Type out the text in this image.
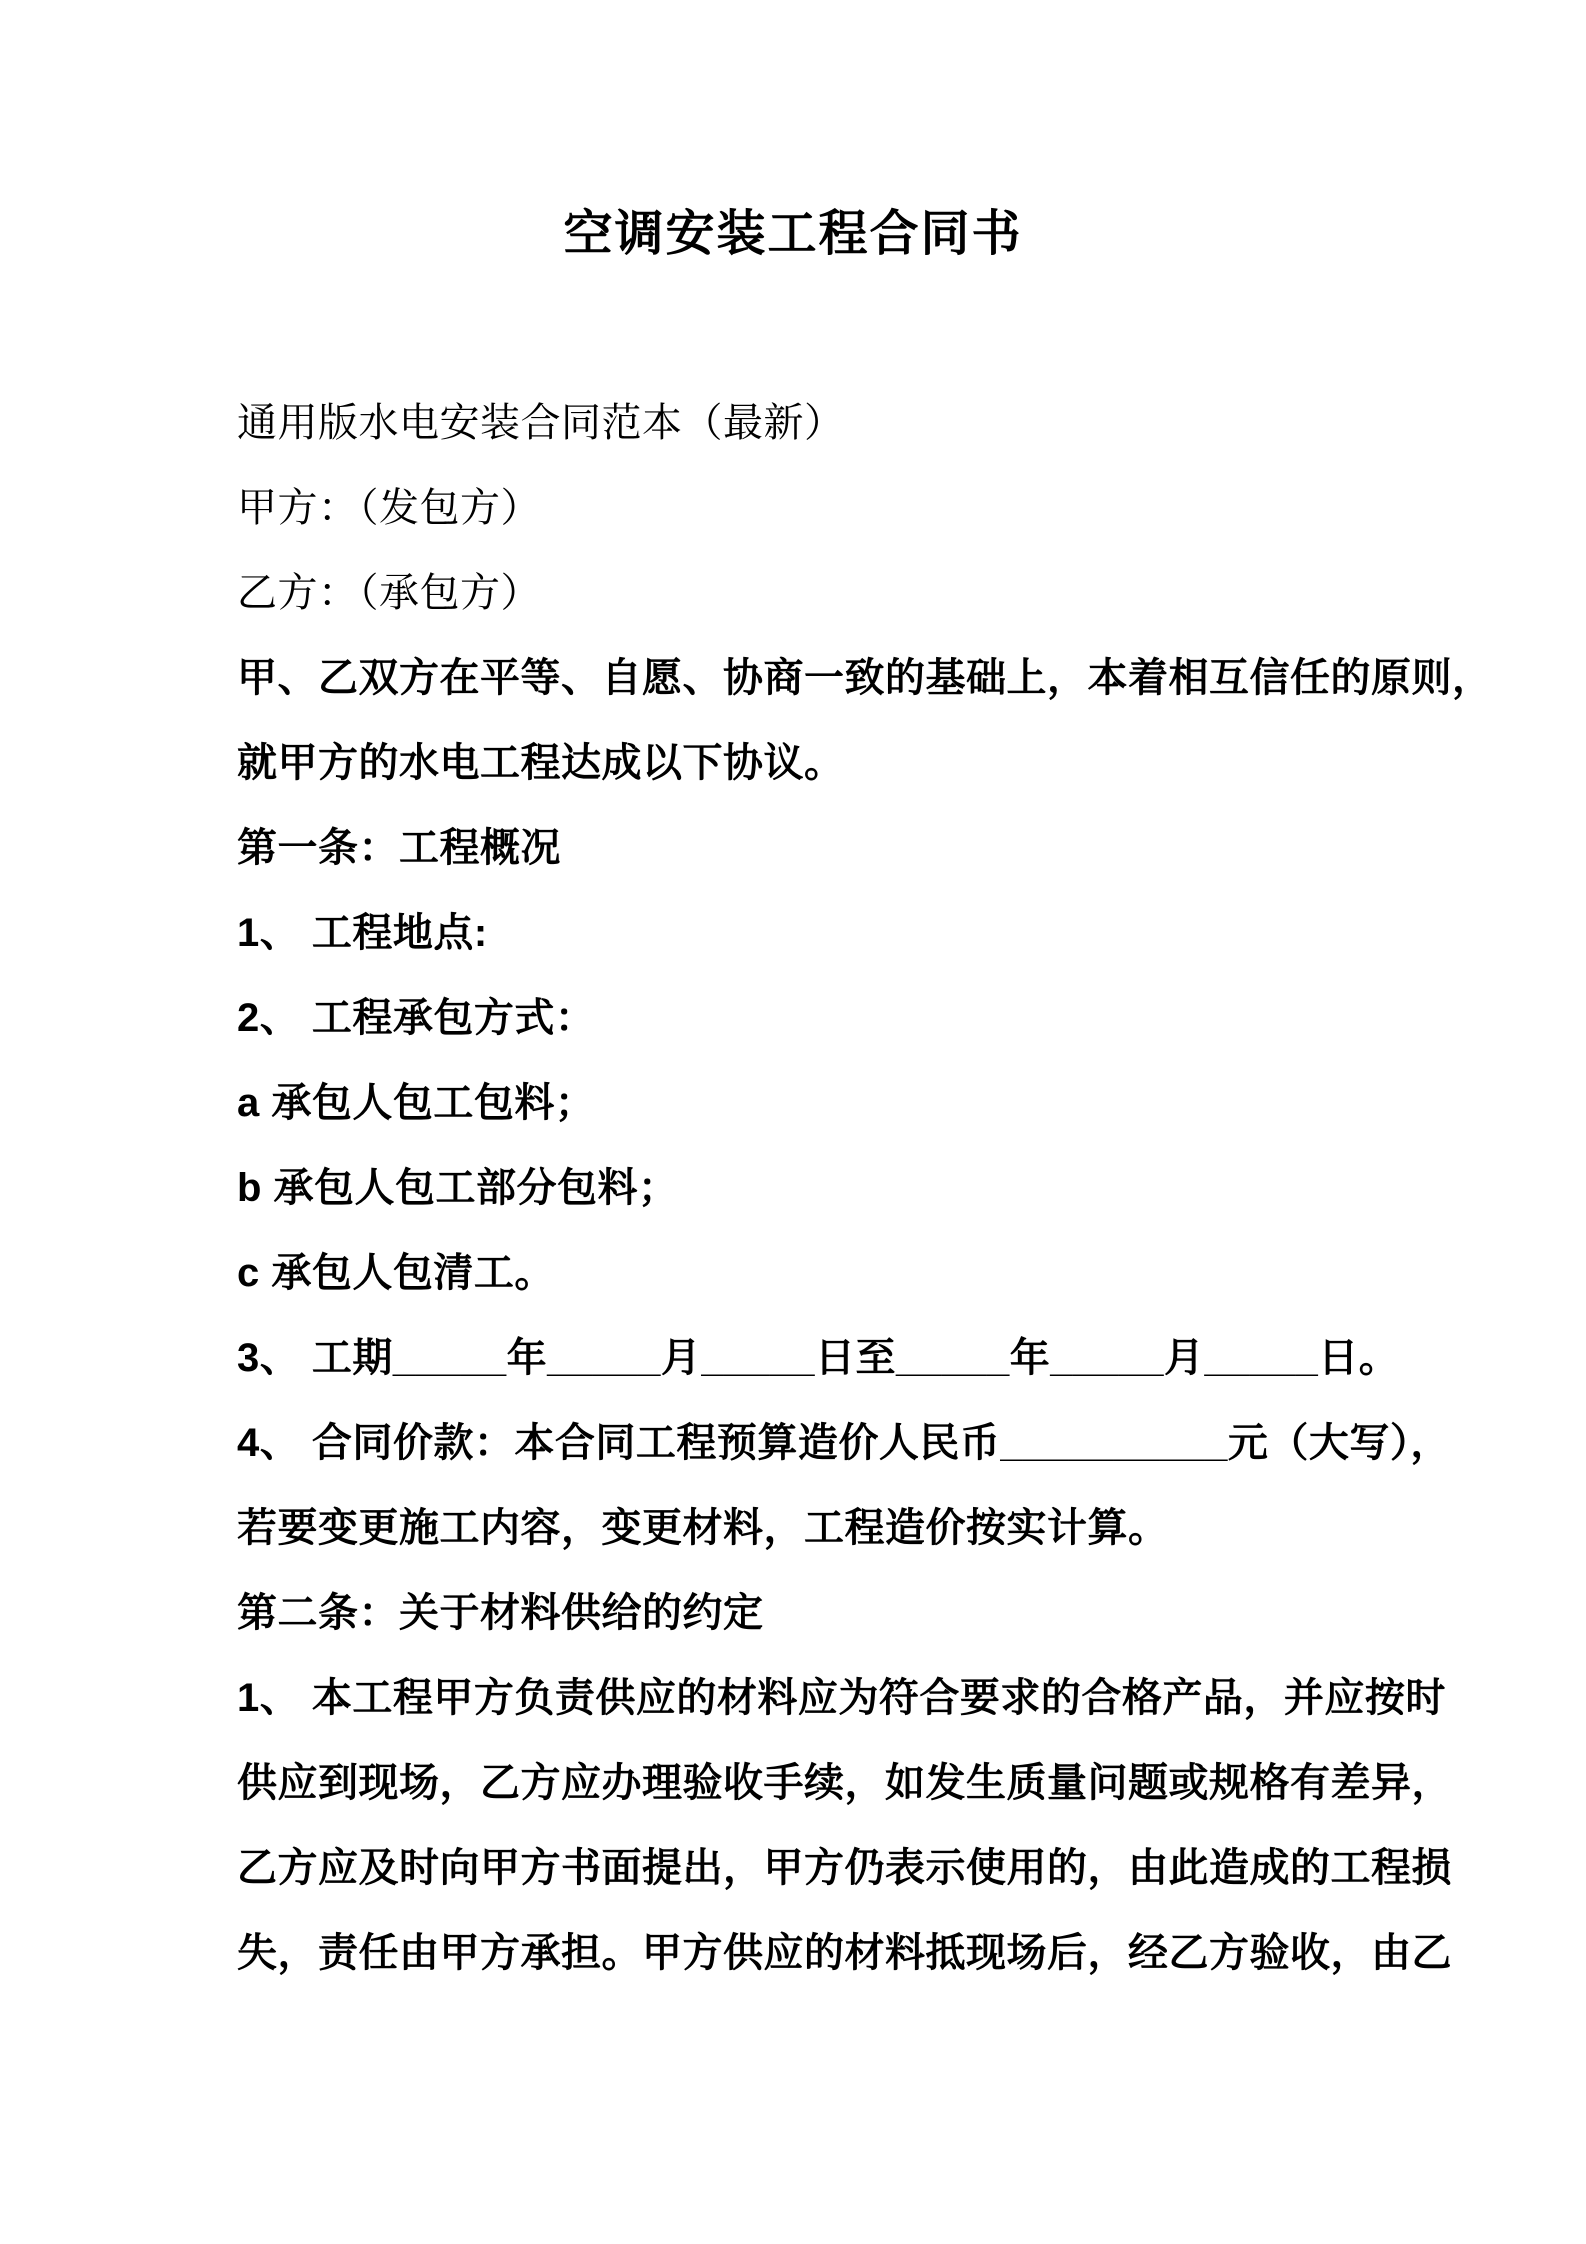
空调安装工程合同书
通用版水电安装合同范本（最新）
甲方：（发包方）
乙方：（承包方）
甲、乙双方在平等、自愿、协商一致的基础上，本着相互信任的原则，
就甲方的水电工程达成以下协议。
第一条：工程概况
1、 工程地点:
2、 工程承包方式：
a 承包人包工包料；
b 承包人包工部分包料；
c 承包人包清工。
3、 工期_____年_____月_____日至_____年_____月_____日。
4、 合同价款：本合同工程预算造价人民币__________元（大写），
若要变更施工内容，变更材料，工程造价按实计算。
第二条：关于材料供给的约定
1、 本工程甲方负责供应的材料应为符合要求的合格产品，并应按时
供应到现场，乙方应办理验收手续，如发生质量问题或规格有差异，
乙方应及时向甲方书面提出，甲方仍表示使用的，由此造成的工程损
失，责任由甲方承担。甲方供应的材料抵现场后，经乙方验收，由乙
